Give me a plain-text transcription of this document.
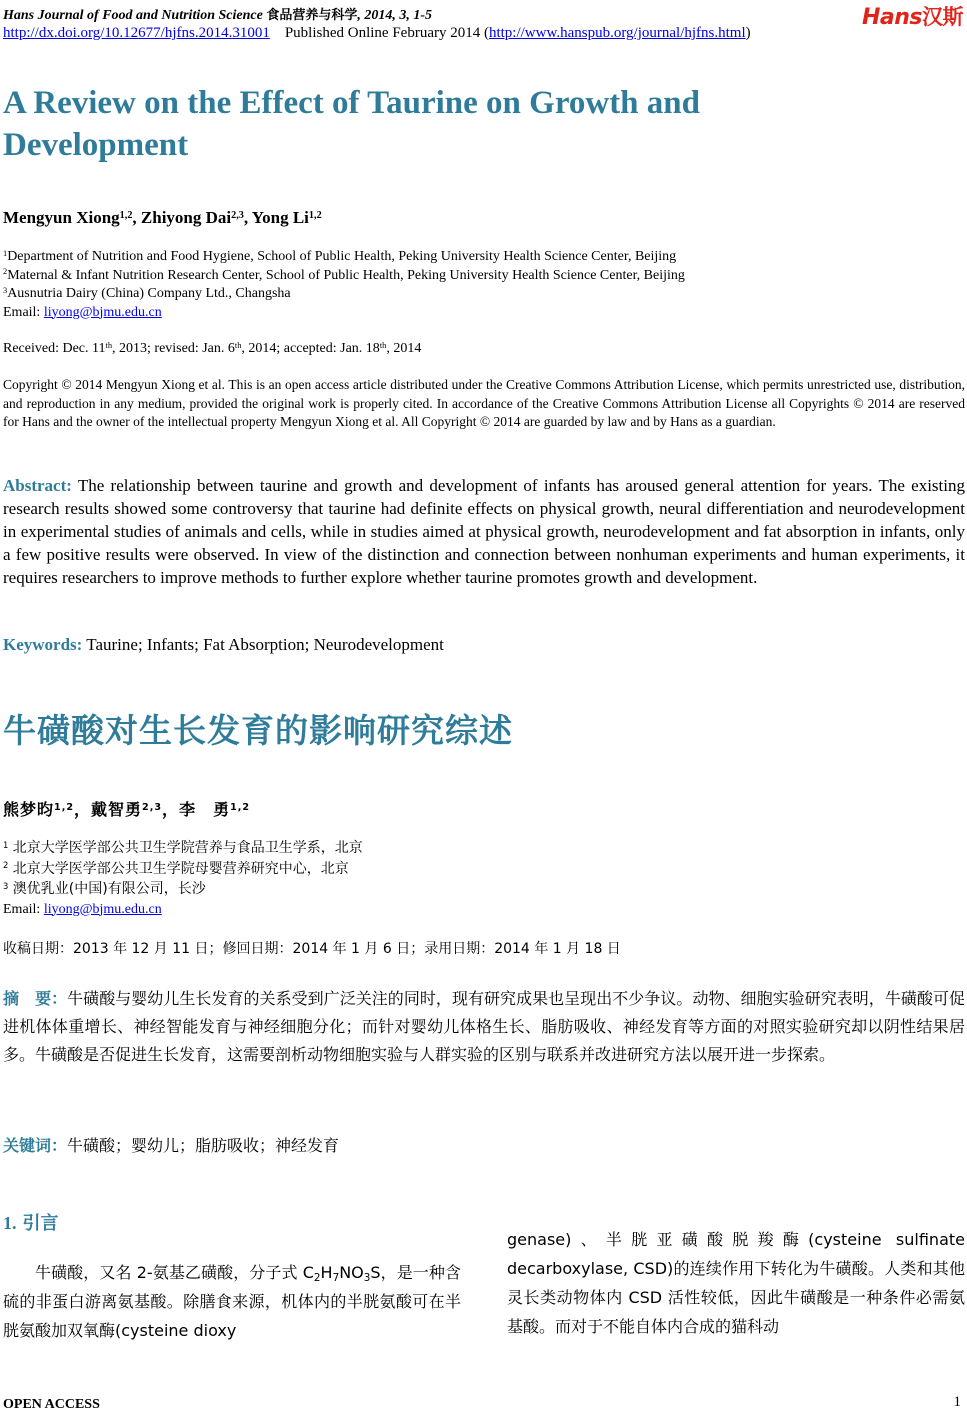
Hans Journal of Food and Nutrition Science 食品营养与科学, 2014, 3, 1-5
http://dx.doi.org/10.12677/hjfns.2014.31001 Published Online February 2014 (http://www.hanspub.org/journal/hjfns.html)
Hans汉斯
A Review on the Effect of Taurine on Growth and Development
Mengyun Xiong$^{1,2}$, Zhiyong Dai$^{2,3}$, Yong Li$^{1,2}$
$^1$Department of Nutrition and Food Hygiene, School of Public Health, Peking University Health Science Center, Beijing
$^2$Maternal & Infant Nutrition Research Center, School of Public Health, Peking University Health Science Center, Beijing
$^3$Ausnutria Dairy (China) Company Ltd., Changsha
Email: liyong@bjmu.edu.cn
Received: Dec. 11th, 2013; revised: Jan. 6th, 2014; accepted: Jan. 18th, 2014
Copyright © 2014 Mengyun Xiong et al. This is an open access article distributed under the Creative Commons Attribution License, which permits unrestricted use, distribution, and reproduction in any medium, provided the original work is properly cited. In accordance of the Creative Commons Attribution License all Copyrights © 2014 are reserved for Hans and the owner of the intellectual property Mengyun Xiong et al. All Copyright © 2014 are guarded by law and by Hans as a guardian.
Abstract: The relationship between taurine and growth and development of infants has aroused general attention for years. The existing research results showed some controversy that taurine had definite effects on physical growth, neural differentiation and neurodevelopment in experimental studies of animals and cells, while in studies aimed at physical growth, neurodevelopment and fat absorption in infants, only a few positive results were observed. In view of the distinction and connection between nonhuman experiments and human experiments, it requires researchers to improve methods to further explore whether taurine promotes growth and development.
Keywords: Taurine; Infants; Fat Absorption; Neurodevelopment
牛磺酸对生长发育的影响研究综述
熊梦昀$^{1,2}$，戴智勇$^{2,3}$，李　勇$^{1,2}$
$^1$ 北京大学医学部公共卫生学院营养与食品卫生学系，北京
$^2$ 北京大学医学部公共卫生学院母婴营养研究中心，北京
$^3$ 澳优乳业(中国)有限公司，长沙
Email: liyong@bjmu.edu.cn
收稿日期：2013 年 12 月 11 日；修回日期：2014 年 1 月 6 日；录用日期：2014 年 1 月 18 日
摘　要：牛磺酸与婴幼儿生长发育的关系受到广泛关注的同时，现有研究成果也呈现出不少争议。动物、细胞实验研究表明，牛磺酸可促进机体体重增长、神经智能发育与神经细胞分化；而针对婴幼儿体格生长、脂肪吸收、神经发育等方面的对照实验研究却以阴性结果居多。牛磺酸是否促进生长发育，这需要剖析动物细胞实验与人群实验的区别与联系并改进研究方法以展开进一步探索。
关键词：牛磺酸；婴幼儿；脂肪吸收；神经发育
1. 引言
牛磺酸，又名 2-氨基乙磺酸，分子式 $C_2H_7NO_3S$，是一种含硫的非蛋白游离氨基酸。除膳食来源，机体内的半胱氨酸可在半胱氨酸加双氧酶(cysteine dioxy
genase)、半胱亚磺酸脱羧酶(cysteine sulfinate decarboxylase, CSD)的连续作用下转化为牛磺酸。人类和其他灵长类动物体内 CSD 活性较低，因此牛磺酸是一种条件必需氨基酸。而对于不能自体内合成的猫科动
OPEN ACCESS	1
